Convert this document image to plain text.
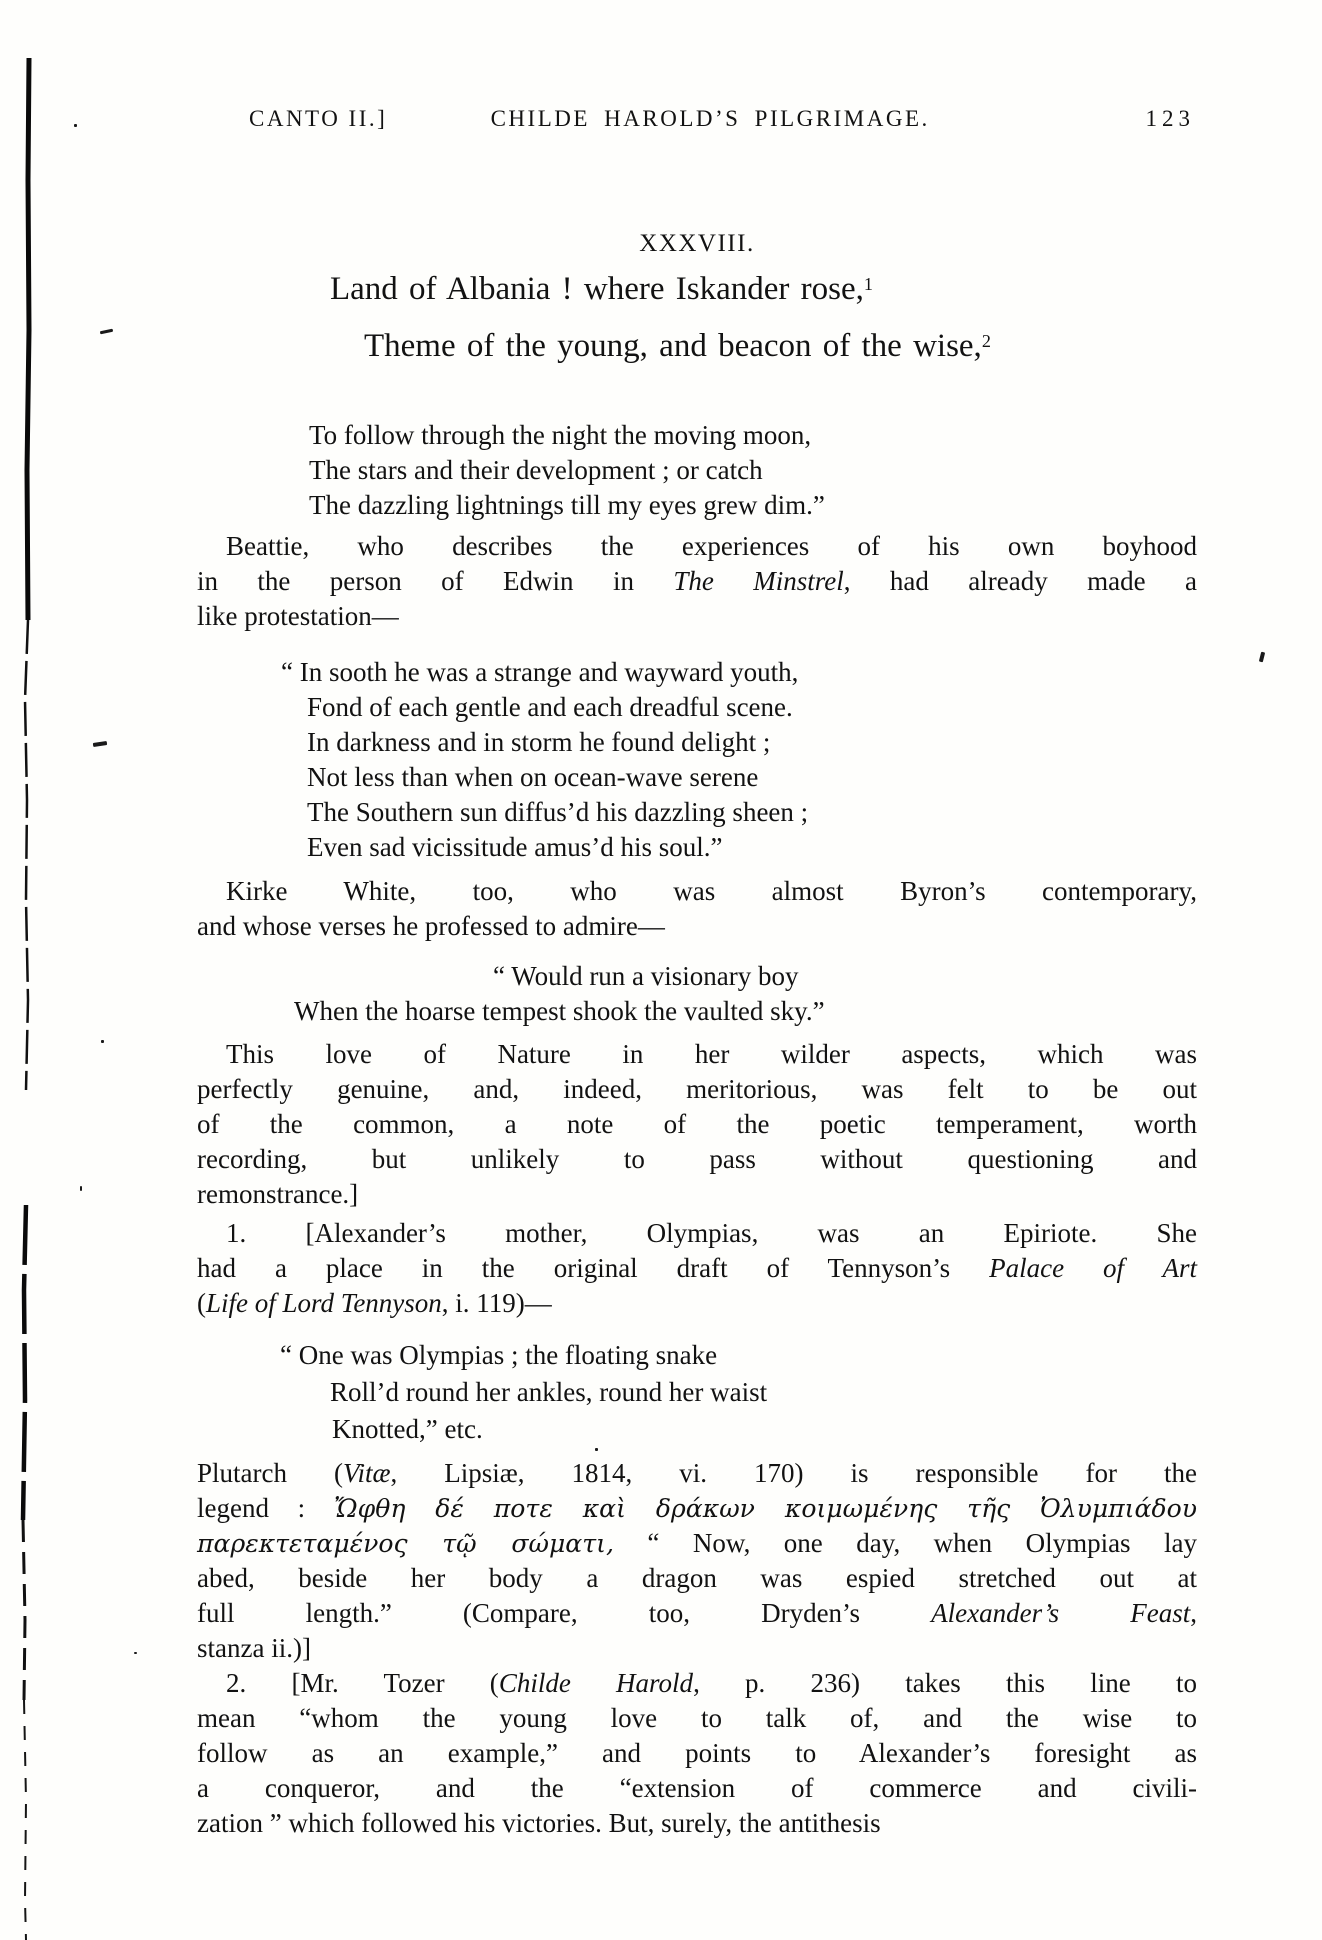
CANTO II.]	CHILDE HAROLD’S PILGRIMAGE.	123
XXXVIII.
Land of Albania ! where Iskander rose,$^1$
Theme of the young, and beacon of the wise,$^2$
To follow through the night the moving moon,
The stars and their development ; or catch
The dazzling lightnings till my eyes grew dim.”
Beattie, who describes the experiences of his own boyhood
in the person of Edwin in The Minstrel, had already made a
like protestation—
“ In sooth he was a strange and wayward youth,
Fond of each gentle and each dreadful scene.
In darkness and in storm he found delight ;
Not less than when on ocean-wave serene
The Southern sun diffus’d his dazzling sheen ;
Even sad vicissitude amus’d his soul.”
Kirke White, too, who was almost Byron’s contemporary,
and whose verses he professed to admire—
“ Would run a visionary boy
When the hoarse tempest shook the vaulted sky.”
This love of Nature in her wilder aspects, which was
perfectly genuine, and, indeed, meritorious, was felt to be out
of the common, a note of the poetic temperament, worth
recording, but unlikely to pass without questioning and
remonstrance.]
1. [Alexander’s mother, Olympias, was an Epiriote. She
had a place in the original draft of Tennyson’s Palace of Art
(Life of Lord Tennyson, i. 119)—
“ One was Olympias ; the floating snake
Roll’d round her ankles, round her waist
Knotted,” etc.
Plutarch (Vitæ, Lipsiæ, 1814, vi. 170) is responsible for the
legend : Ὤφθη δέ ποτε καὶ δράκων κοιμωμένης τῆς Ὀλυμπιάδου
παρεκτεταμένος τῷ σώματι, “ Now, one day, when Olympias lay
abed, beside her body a dragon was espied stretched out at
full length.” (Compare, too, Dryden’s Alexander’s Feast,
stanza ii.)]
2. [Mr. Tozer (Childe Harold, p. 236) takes this line to
mean “whom the young love to talk of, and the wise to
follow as an example,” and points to Alexander’s foresight as
a conqueror, and the “extension of commerce and civili-
zation ” which followed his victories. But, surely, the antithesis
